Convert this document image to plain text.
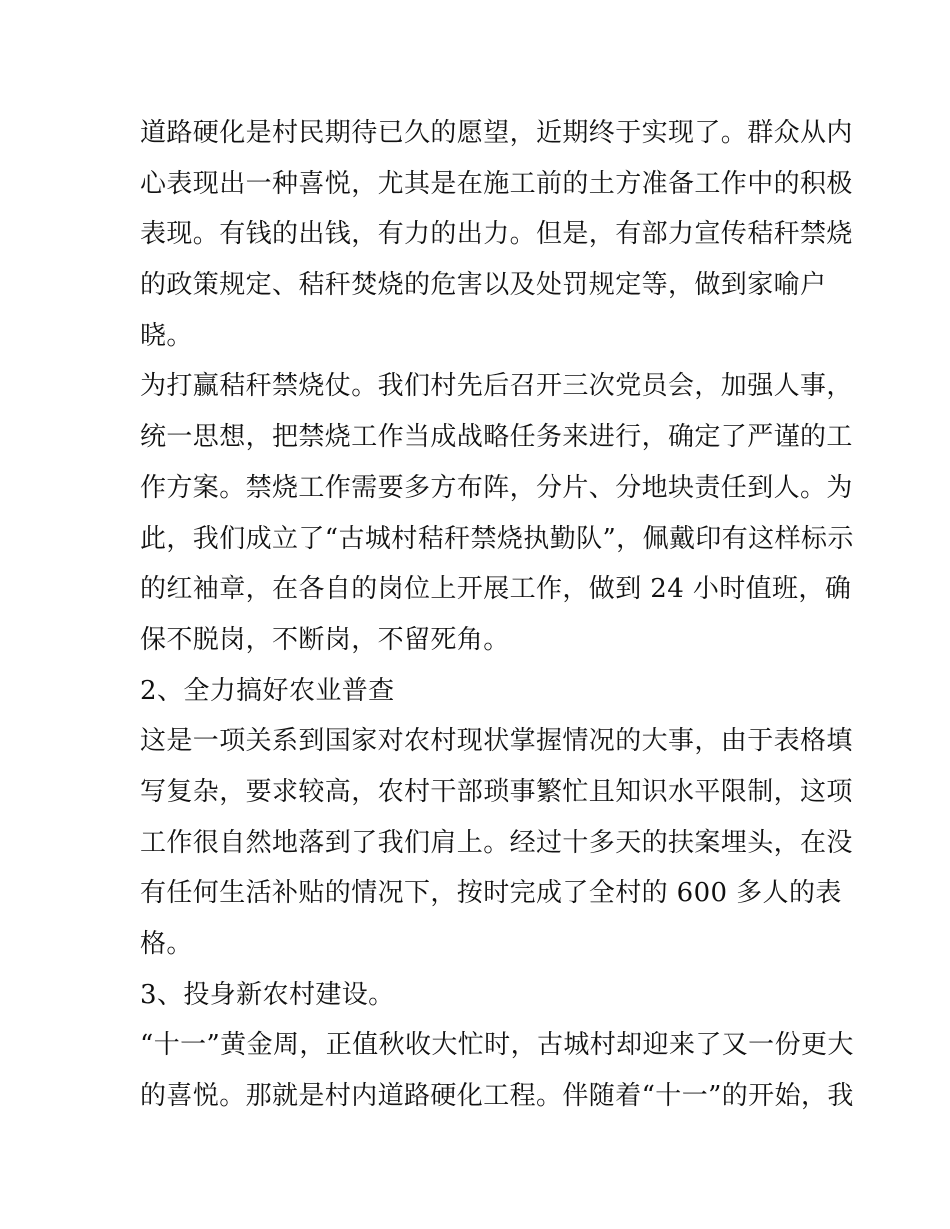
道路硬化是村民期待已久的愿望，近期终于实现了。群众从内
心表现出一种喜悦，尤其是在施工前的土方准备工作中的积极
表现。有钱的出钱，有力的出力。但是，有部力宣传秸秆禁烧
的政策规定、秸秆焚烧的危害以及处罚规定等，做到家喻户
晓。
为打赢秸秆禁烧仗。我们村先后召开三次党员会，加强人事，
统一思想，把禁烧工作当成战略任务来进行，确定了严谨的工
作方案。禁烧工作需要多方布阵，分片、分地块责任到人。为
此，我们成立了“古城村秸秆禁烧执勤队”，佩戴印有这样标示
的红袖章，在各自的岗位上开展工作，做到 24 小时值班，确
保不脱岗，不断岗，不留死角。
2、全力搞好农业普查
这是一项关系到国家对农村现状掌握情况的大事，由于表格填
写复杂，要求较高，农村干部琐事繁忙且知识水平限制，这项
工作很自然地落到了我们肩上。经过十多天的扶案埋头，在没
有任何生活补贴的情况下，按时完成了全村的 600 多人的表
格。
3、投身新农村建设。
“十一”黄金周，正值秋收大忙时，古城村却迎来了又一份更大
的喜悦。那就是村内道路硬化工程。伴随着“十一”的开始，我
